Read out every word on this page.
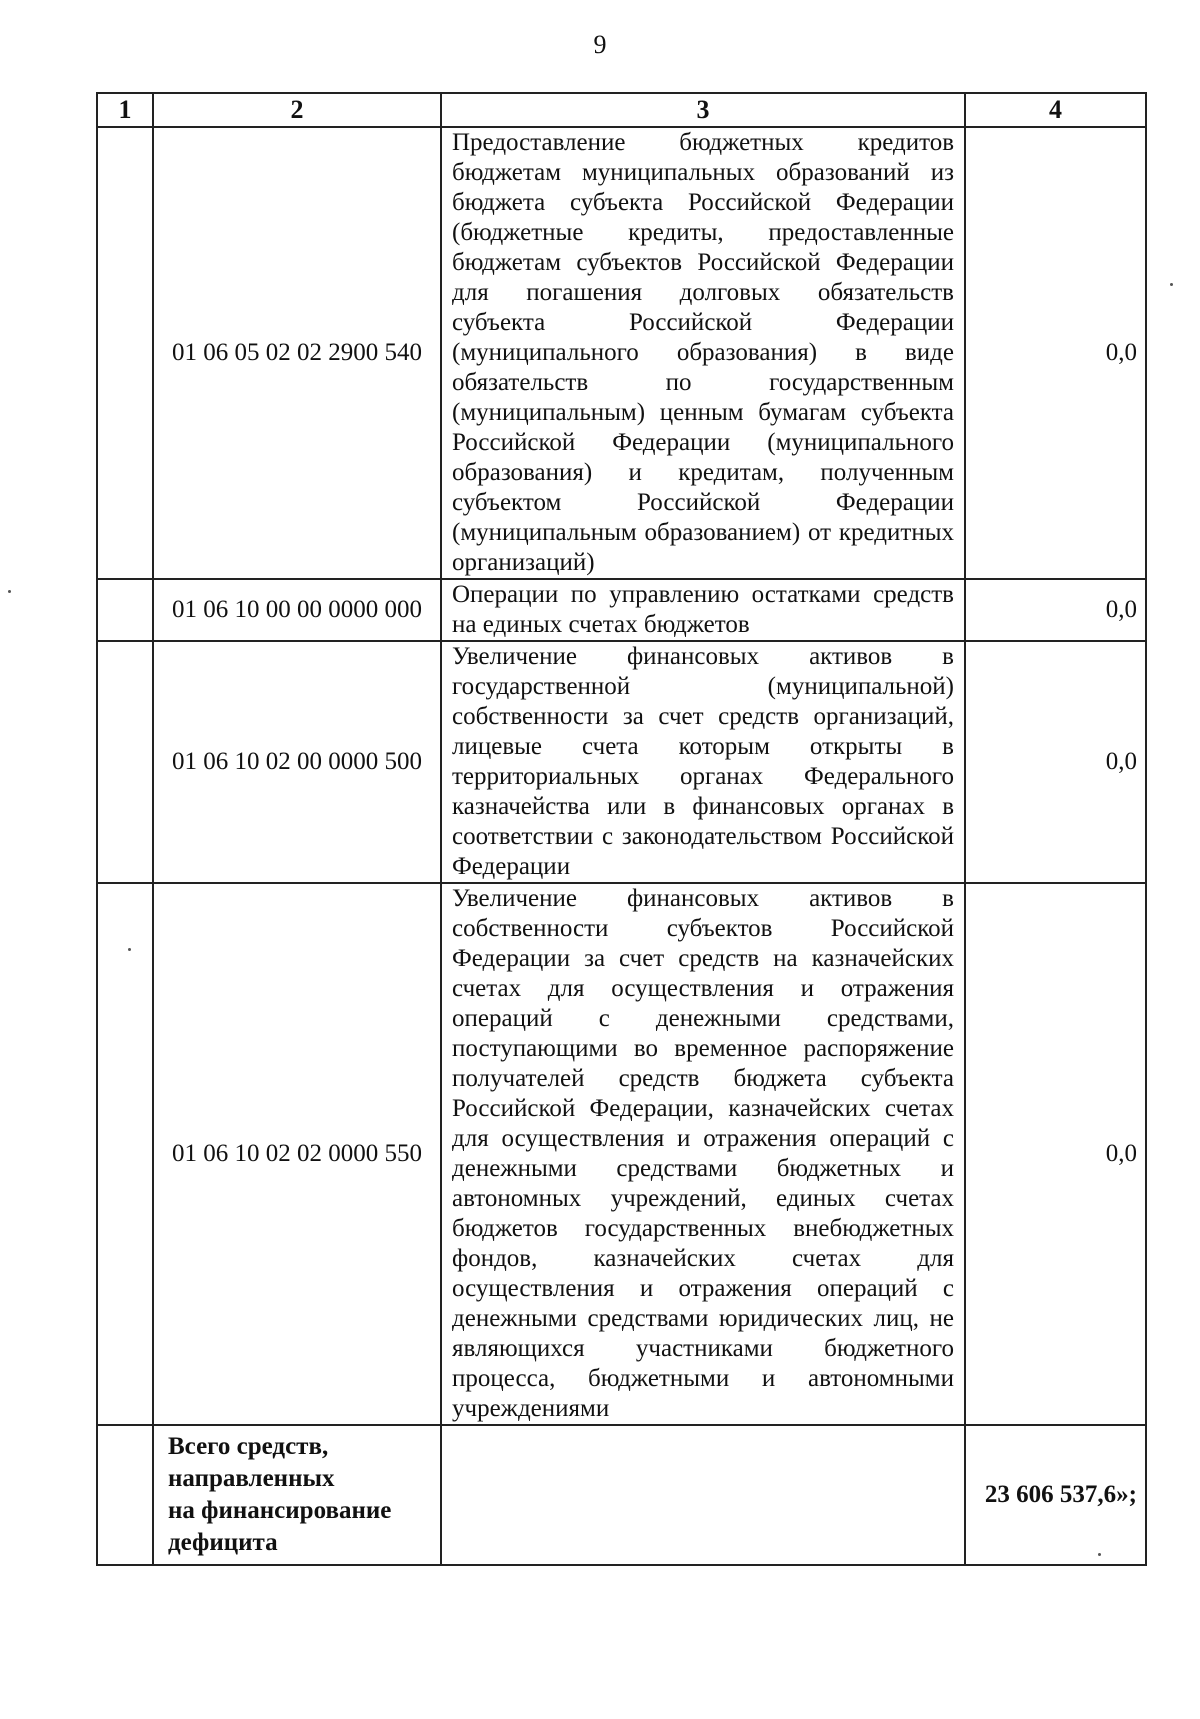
9
1	2	3	4
	01 06 05 02 02 2900 540	Предоставление бюджетных кредитов бюджетам муниципальных образований из бюджета субъекта Российской Федерации (бюджетные кредиты, предоставленные бюджетам субъектов Российской Федерации для погашения долговых обязательств субъекта Российской Федерации (муниципального образования) в виде обязательств по государственным (муниципальным) ценным бумагам субъекта Российской Федерации (муниципального образования) и кредитам, полученным субъектом Российской Федерации (муниципальным образованием) от кредитных организаций)	0,0
	01 06 10 00 00 0000 000	Операции по управлению остатками средств на единых счетах бюджетов	0,0
	01 06 10 02 00 0000 500	Увеличение финансовых активов в государственной (муниципальной) собственности за счет средств организаций, лицевые счета которым открыты в территориальных органах Федерального казначейства или в финансовых органах в соответствии с законодательством Российской Федерации	0,0
	01 06 10 02 02 0000 550	Увеличение финансовых активов в собственности субъектов Российской Федерации за счет средств на казначейских счетах для осуществления и отражения операций с денежными средствами, поступающими во временное распоряжение получателей средств бюджета субъекта Российской Федерации, казначейских счетах для осуществления и отражения операций с денежными средствами бюджетных и автономных учреждений, единых счетах бюджетов государственных внебюджетных фондов, казначейских счетах для осуществления и отражения операций с денежными средствами юридических лиц, не являющихся участниками бюджетного процесса, бюджетными и автономными учреждениями	0,0

	Всего средств,
направленных
на финансирование
дефицита		23 606 537,6»;
